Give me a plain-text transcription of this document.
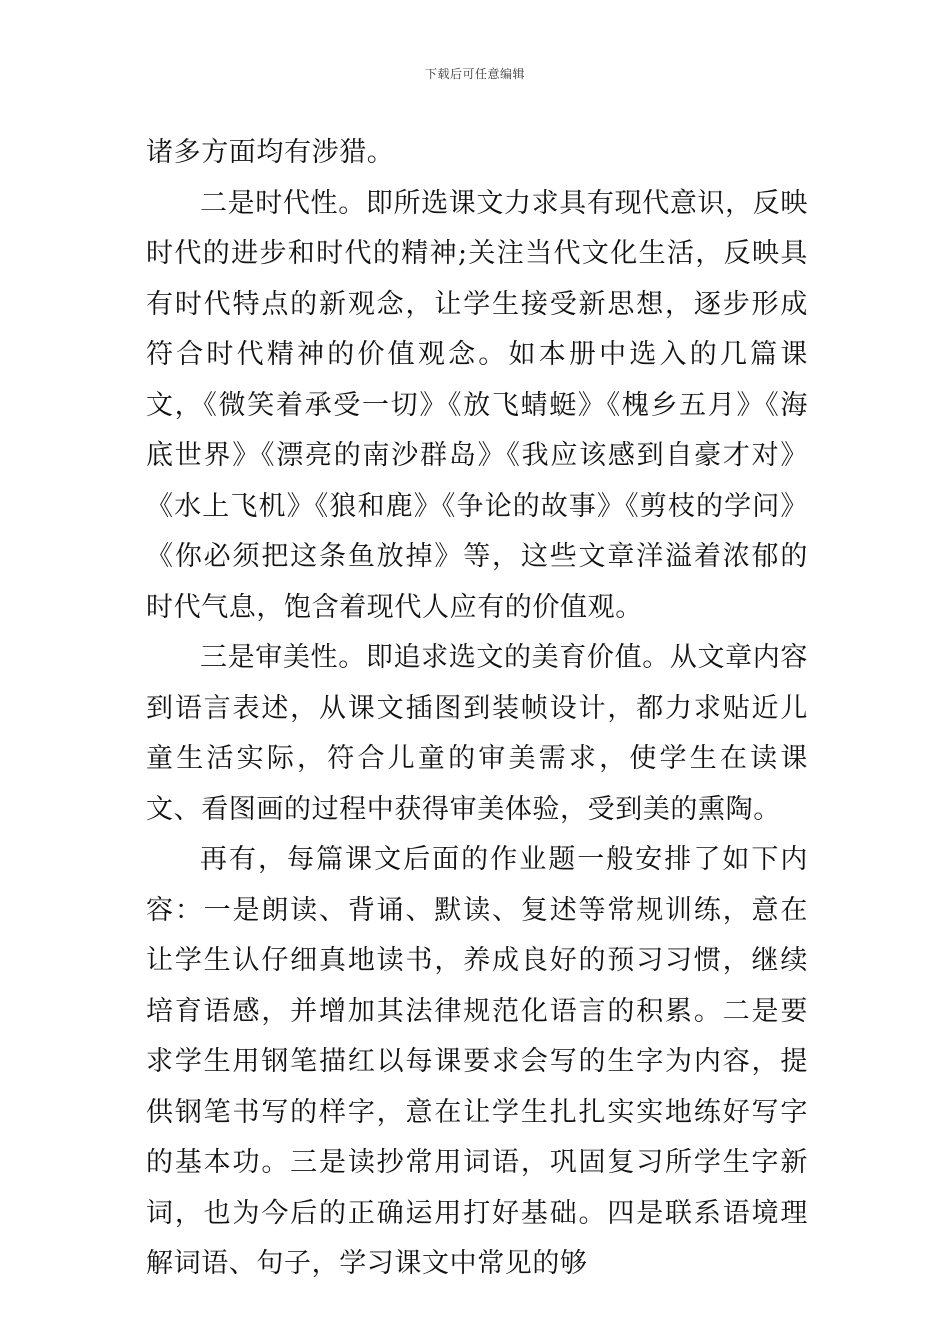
下载后可任意编辑

诸多方面均有涉猎。

二是时代性。即所选课文力求具有现代意识，反映时代的进步和时代的精神;关注当代文化生活，反映具有时代特点的新观念，让学生接受新思想，逐步形成符合时代精神的价值观念。如本册中选入的几篇课文，《微笑着承受一切》《放飞蜻蜓》《槐乡五月》《海底世界》《漂亮的南沙群岛》《我应该感到自豪才对》《水上飞机》《狼和鹿》《争论的故事》《剪枝的学问》《你必须把这条鱼放掉》等，这些文章洋溢着浓郁的时代气息，饱含着现代人应有的价值观。

三是审美性。即追求选文的美育价值。从文章内容到语言表述，从课文插图到装帧设计，都力求贴近儿童生活实际，符合儿童的审美需求，使学生在读课文、看图画的过程中获得审美体验，受到美的熏陶。

再有，每篇课文后面的作业题一般安排了如下内容：一是朗读、背诵、默读、复述等常规训练，意在让学生认仔细真地读书，养成良好的预习习惯，继续培育语感，并增加其法律规范化语言的积累。二是要求学生用钢笔描红以每课要求会写的生字为内容，提供钢笔书写的样字，意在让学生扎扎实实地练好写字的基本功。三是读抄常用词语，巩固复习所学生字新词，也为今后的正确运用打好基础。四是联系语境理解词语、句子，学习课文中常见的够
